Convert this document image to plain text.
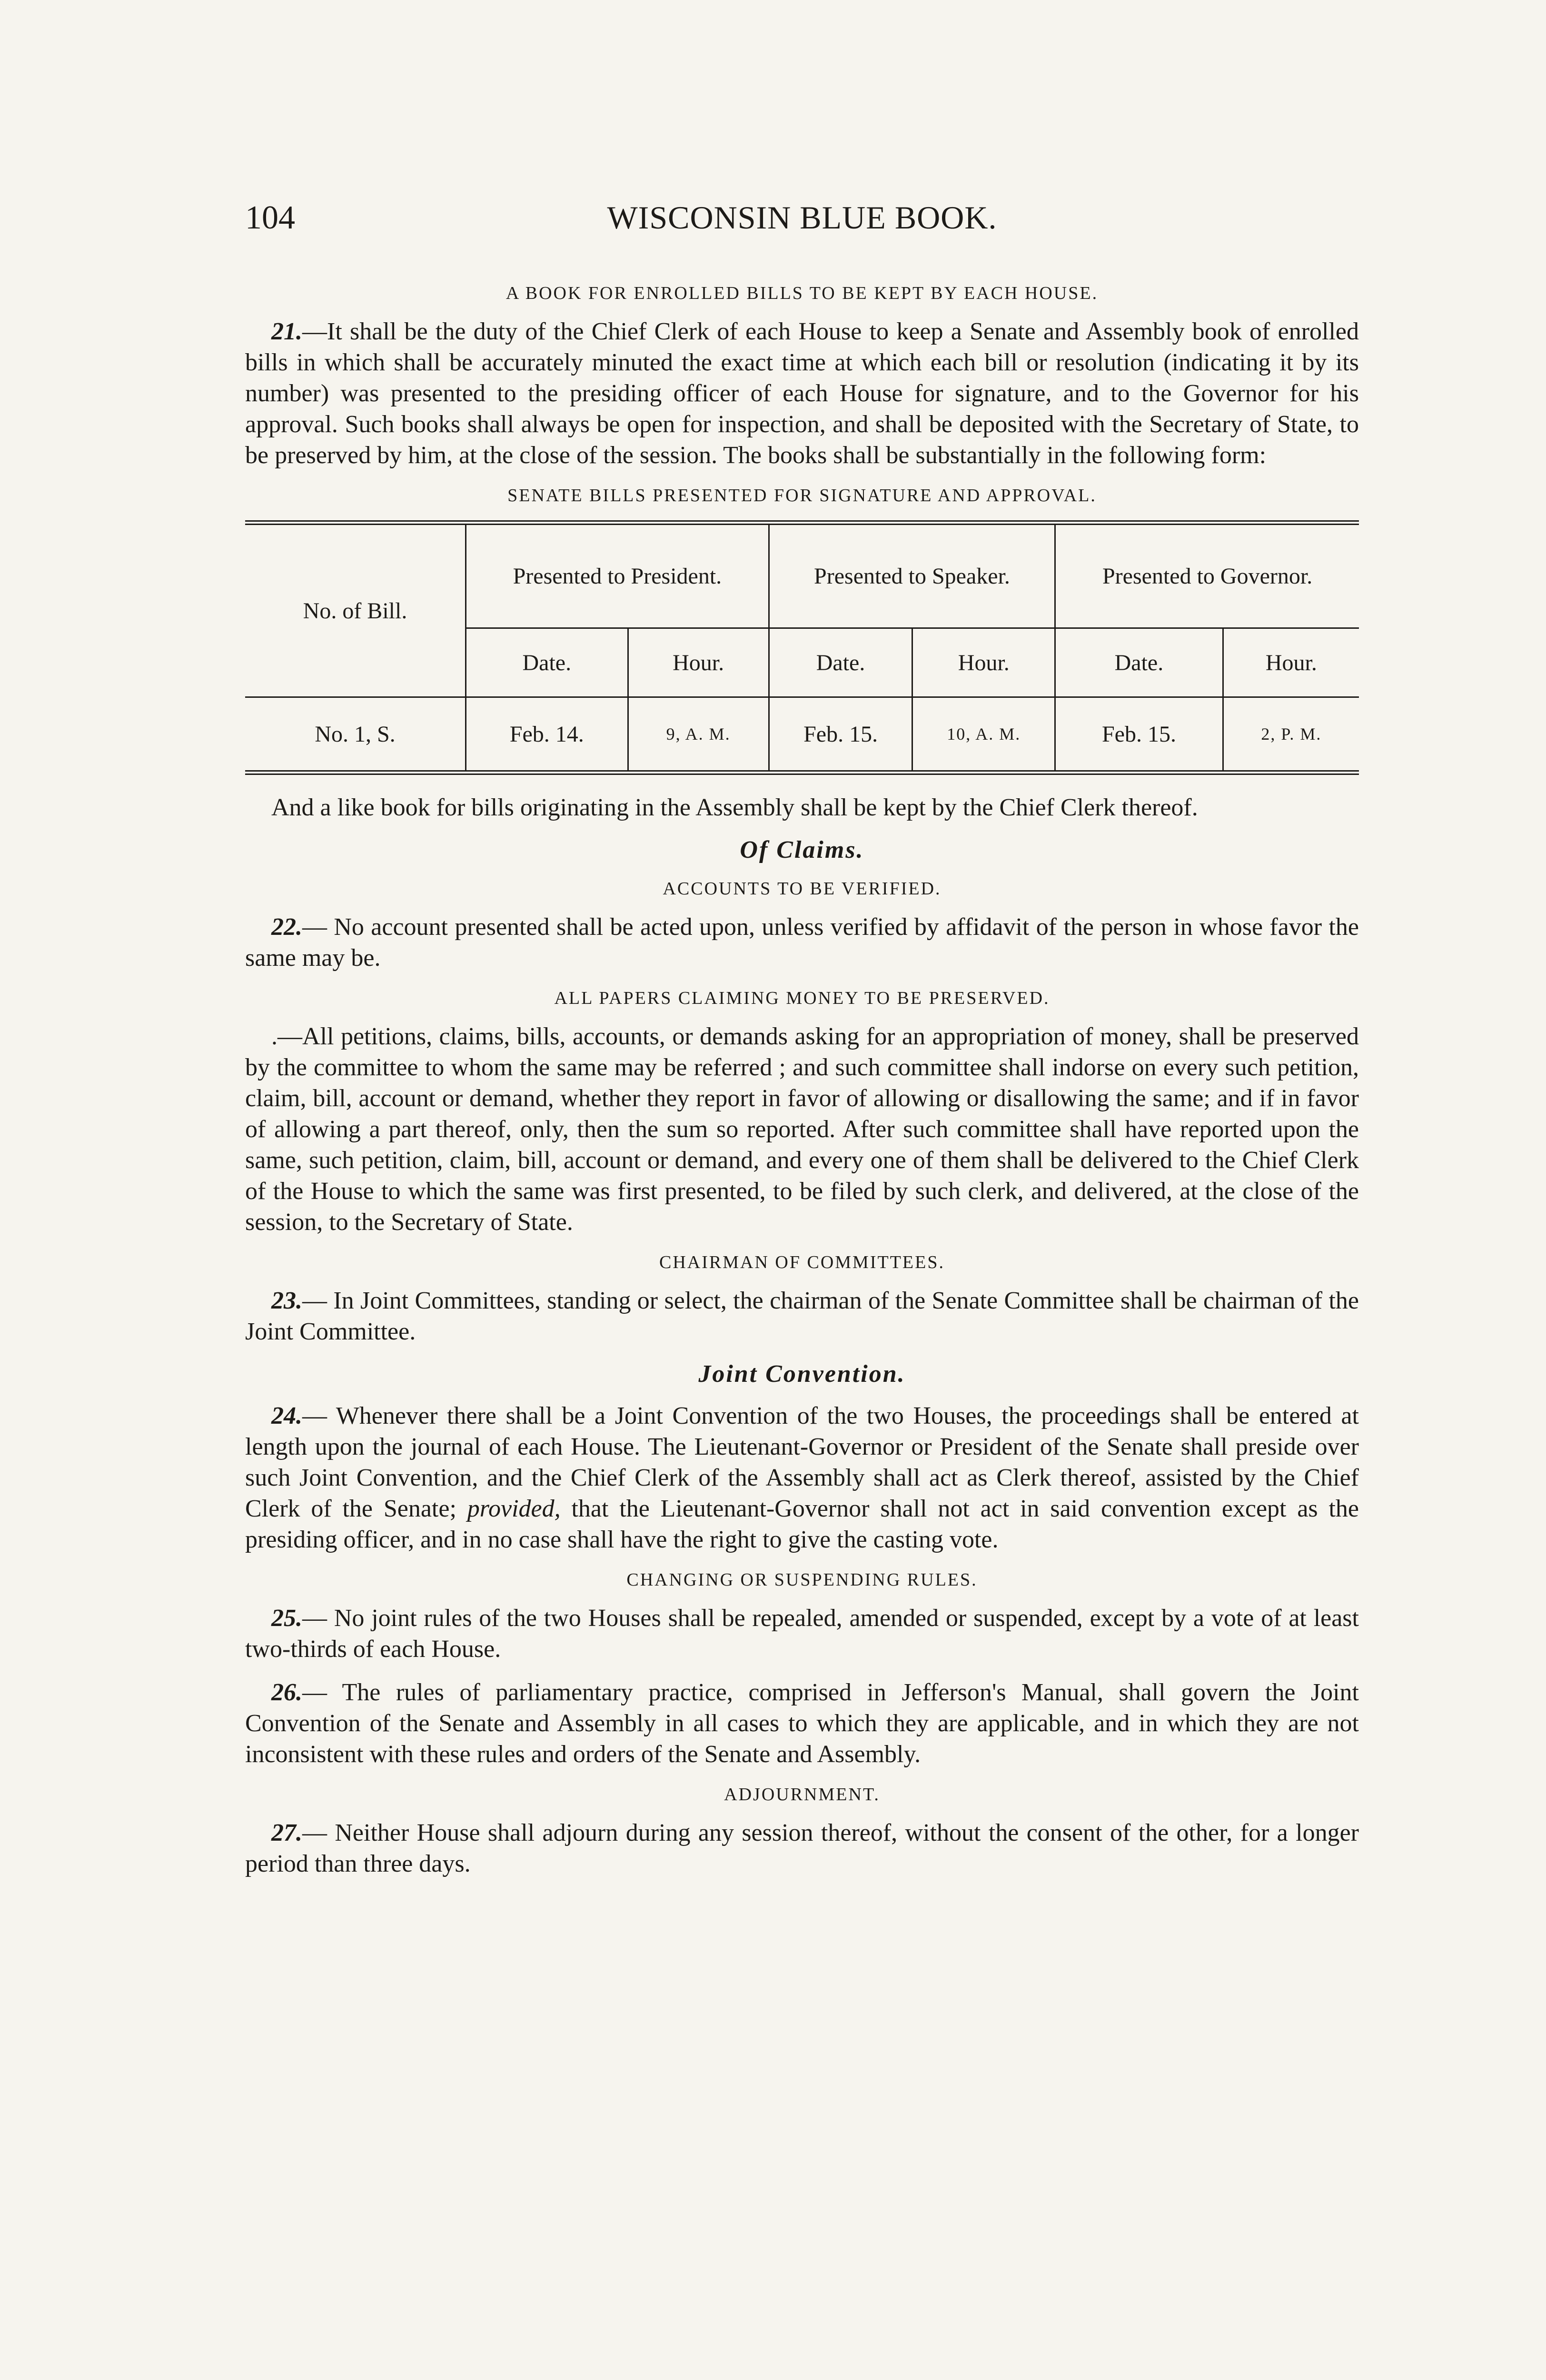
104	WISCONSIN BLUE BOOK.
A BOOK FOR ENROLLED BILLS TO BE KEPT BY EACH HOUSE.

21.—It shall be the duty of the Chief Clerk of each House to keep a Senate and Assembly book of enrolled bills in which shall be accurately minuted the exact time at which each bill or resolution (indicating it by its number) was presented to the presiding officer of each House for signature, and to the Governor for his approval. Such books shall always be open for inspection, and shall be deposited with the Secretary of State, to be preserved by him, at the close of the session. The books shall be substantially in the following form:

SENATE BILLS PRESENTED FOR SIGNATURE AND APPROVAL.
No. of Bill.	Presented to President.		Presented to Speaker.		Presented to Governor.	
	Date.	Hour.	Date.	Hour.	Date.	Hour.
No. 1, S.	Feb. 14.	9, A. M.	Feb. 15.	10, A. M.	Feb. 15.	2, P. M.

And a like book for bills originating in the Assembly shall be kept by the Chief Clerk thereof.

Of Claims.
ACCOUNTS TO BE VERIFIED.

22.— No account presented shall be acted upon, unless verified by affidavit of the person in whose favor the same may be.

ALL PAPERS CLAIMING MONEY TO BE PRESERVED.

.—All petitions, claims, bills, accounts, or demands asking for an appropriation of money, shall be preserved by the committee to whom the same may be referred ; and such committee shall indorse on every such petition, claim, bill, account or demand, whether they report in favor of allowing or disallowing the same; and if in favor of allowing a part thereof, only, then the sum so reported. After such committee shall have reported upon the same, such petition, claim, bill, account or demand, and every one of them shall be delivered to the Chief Clerk of the House to which the same was first presented, to be filed by such clerk, and delivered, at the close of the session, to the Secretary of State.

CHAIRMAN OF COMMITTEES.

23.— In Joint Committees, standing or select, the chairman of the Senate Committee shall be chairman of the Joint Committee.

Joint Convention.

24.— Whenever there shall be a Joint Convention of the two Houses, the proceedings shall be entered at length upon the journal of each House. The Lieutenant-Governor or President of the Senate shall preside over such Joint Convention, and the Chief Clerk of the Assembly shall act as Clerk thereof, assisted by the Chief Clerk of the Senate; provided, that the Lieutenant-Governor shall not act in said convention except as the presiding officer, and in no case shall have the right to give the casting vote.

CHANGING OR SUSPENDING RULES.

25.— No joint rules of the two Houses shall be repealed, amended or suspended, except by a vote of at least two-thirds of each House.

26.— The rules of parliamentary practice, comprised in Jefferson's Manual, shall govern the Joint Convention of the Senate and Assembly in all cases to which they are applicable, and in which they are not inconsistent with these rules and orders of the Senate and Assembly.

ADJOURNMENT.

27.— Neither House shall adjourn during any session thereof, without the consent of the other, for a longer period than three days.
